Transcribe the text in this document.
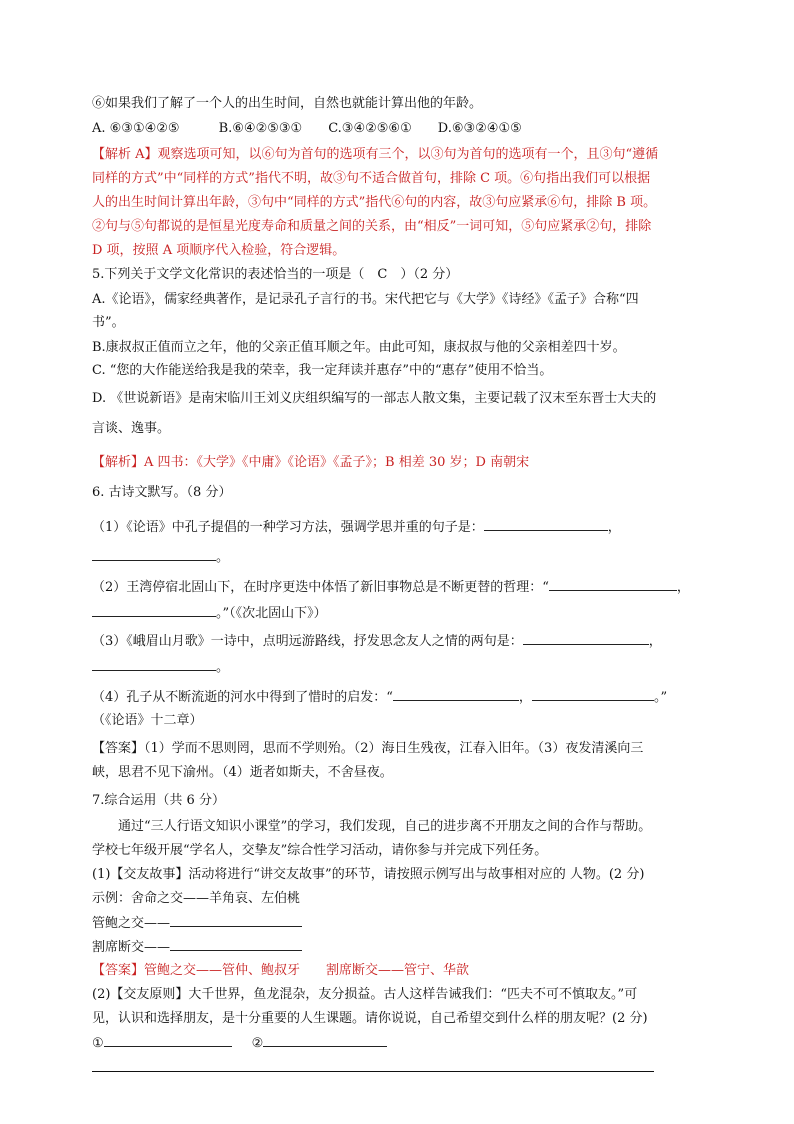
⑥如果我们了解了一个人的出生时间，自然也就能计算出他的年龄。
A. ⑥③①④②⑤　　　B.⑥④②⑤③①　　C.③④②⑤⑥①　　D.⑥③②④①⑤
【解析 A】观察选项可知，以⑥句为首句的选项有三个，以③句为首句的选项有一个，且③句“遵循
同样的方式”中“同样的方式”指代不明，故③句不适合做首句，排除 C 项。⑥句指出我们可以根据
人的出生时间计算出年龄，③句中“同样的方式”指代⑥句的内容，故③句应紧承⑥句，排除 B 项。
②句与⑤句都说的是恒星光度寿命和质量之间的关系，由“相反”一词可知，⑤句应紧承②句，排除
D 项，按照 A 项顺序代入检验，符合逻辑。
5.下列关于文学文化常识的表述恰当的一项是（　C　）（2 分）
A.《论语》，儒家经典著作，是记录孔子言行的书。宋代把它与《大学》《诗经》《孟子》合称“四
书”。
B.康叔叔正值而立之年，他的父亲正值耳顺之年。由此可知，康叔叔与他的父亲相差四十岁。
C. “您的大作能送给我是我的荣幸，我一定拜读并惠存”中的“惠存”使用不恰当。
D. 《世说新语》是南宋临川王刘义庆组织编写的一部志人散文集，主要记载了汉末至东晋士大夫的
言谈、逸事。
【解析】A 四书：《大学》《中庸》《论语》《孟子》；B 相差 30 岁；D 南朝宋
6. 古诗文默写。（8 分）
（1）《论语》中孔子提倡的一种学习方法，强调学思并重的句子是：	，
。
（2）王湾停宿北固山下，在时序更迭中体悟了新旧事物总是不断更替的哲理：“	，
。”（《次北固山下》）
（3）《峨眉山月歌》一诗中，点明远游路线，抒发思念友人之情的两句是：	，
。
（4）孔子从不断流逝的河水中得到了惜时的启发：“	，	。”
（《论语》十二章）
【答案】（1）学而不思则罔，思而不学则殆。（2）海日生残夜，江春入旧年。（3）夜发清溪向三
峡，思君不见下渝州。（4）逝者如斯夫，不舍昼夜。
7.综合运用（共 6 分）
　　通过“三人行语文知识小课堂”的学习，我们发现，自己的进步离不开朋友之间的合作与帮助。
学校七年级开展“学名人，交挚友”综合性学习活动，请你参与并完成下列任务。
(1)【交友故事】活动将进行“讲交友故事”的环节，请按照示例写出与故事相对应的 人物。(2 分)
示例：舍命之交——羊角哀、左伯桃
管鲍之交——
割席断交——
【答案】管鲍之交——管仲、鲍叔牙　　割席断交——管宁、华歆
(2)【交友原则】大千世界，鱼龙混杂，友分损益。古人这样告诫我们：“匹夫不可不慎取友。”可
见，认识和选择朋友，是十分重要的人生课题。请你说说，自己希望交到什么样的朋友呢？(2 分)
①	②
